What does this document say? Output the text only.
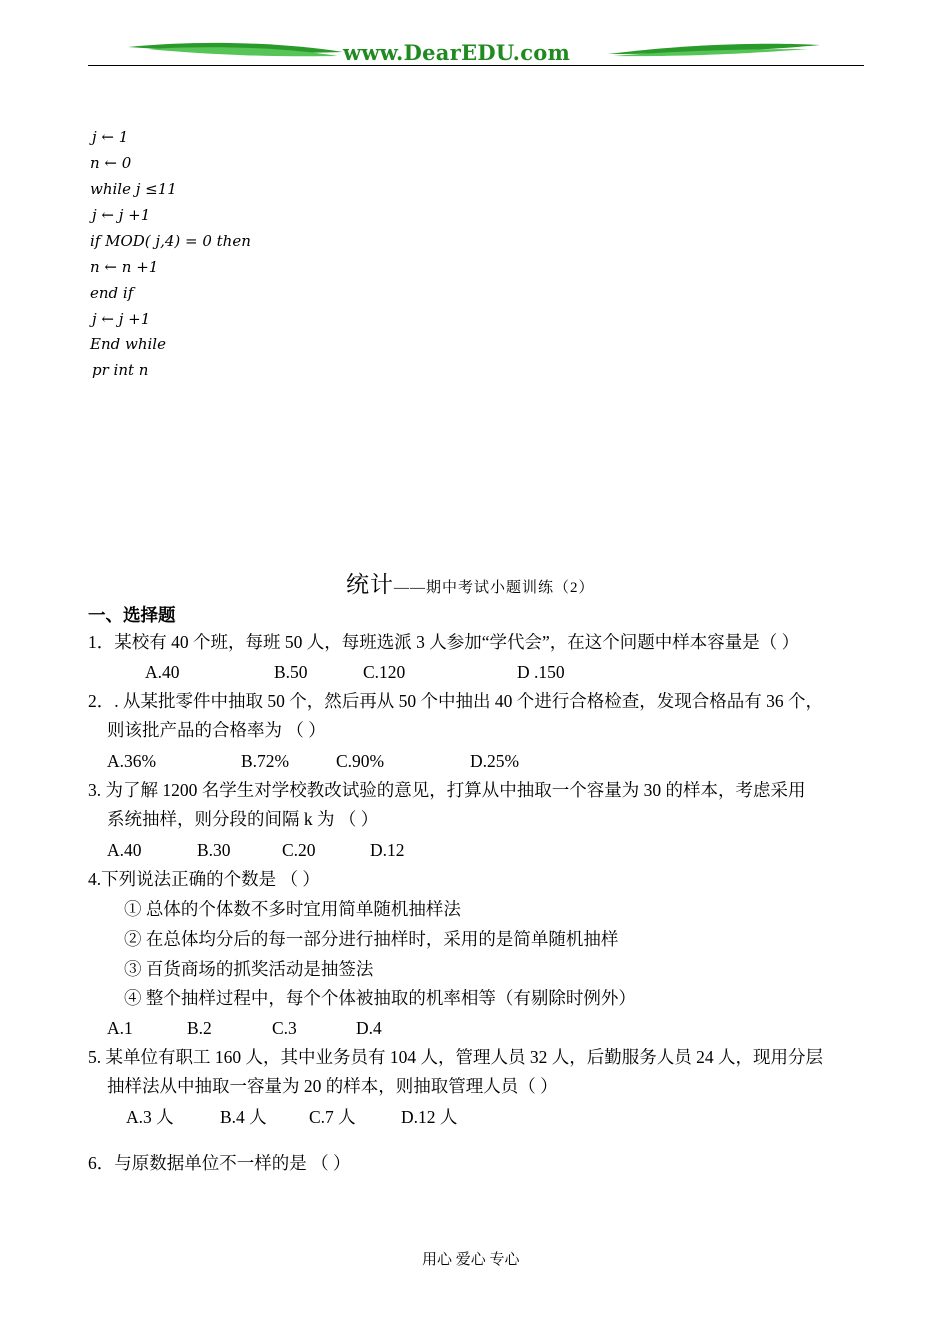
www.DearEDU.com
j ← 1
n ← 0
while j ≤11
j ← j +1
if MOD( j,4) = 0 then
n ← n +1
end if
j ← j +1
End while
pr int n
统计——期中考试小题训练（2）
一、选择题
1．某校有 40 个班，每班 50 人，每班选派 3 人参加“学代会”，在这个问题中样本容量是（ ）
A.40	B.50	C.120	D .150
2．. 从某批零件中抽取 50 个，然后再从 50 个中抽出 40 个进行合格检查，发现合格品有 36 个，
则该批产品的合格率为 （ ）
A.36%	B.72%	C.90%	D.25%
3. 为了解 1200 名学生对学校教改试验的意见，打算从中抽取一个容量为 30 的样本，考虑采用
系统抽样，则分段的间隔 k 为 （ ）
A.40	B.30	C.20	D.12
4.下列说法正确的个数是 （ ）
① 总体的个体数不多时宜用简单随机抽样法
② 在总体均分后的每一部分进行抽样时，采用的是简单随机抽样
③ 百货商场的抓奖活动是抽签法
④ 整个抽样过程中，每个个体被抽取的机率相等（有剔除时例外）
A.1	B.2	C.3	D.4
5. 某单位有职工 160 人，其中业务员有 104 人，管理人员 32 人，后勤服务人员 24 人，现用分层
抽样法从中抽取一容量为 20 的样本，则抽取管理人员（ ）
A.3 人	B.4 人 C.7 人	D.12 人
6．与原数据单位不一样的是 （ ）
用心 爱心 专心
